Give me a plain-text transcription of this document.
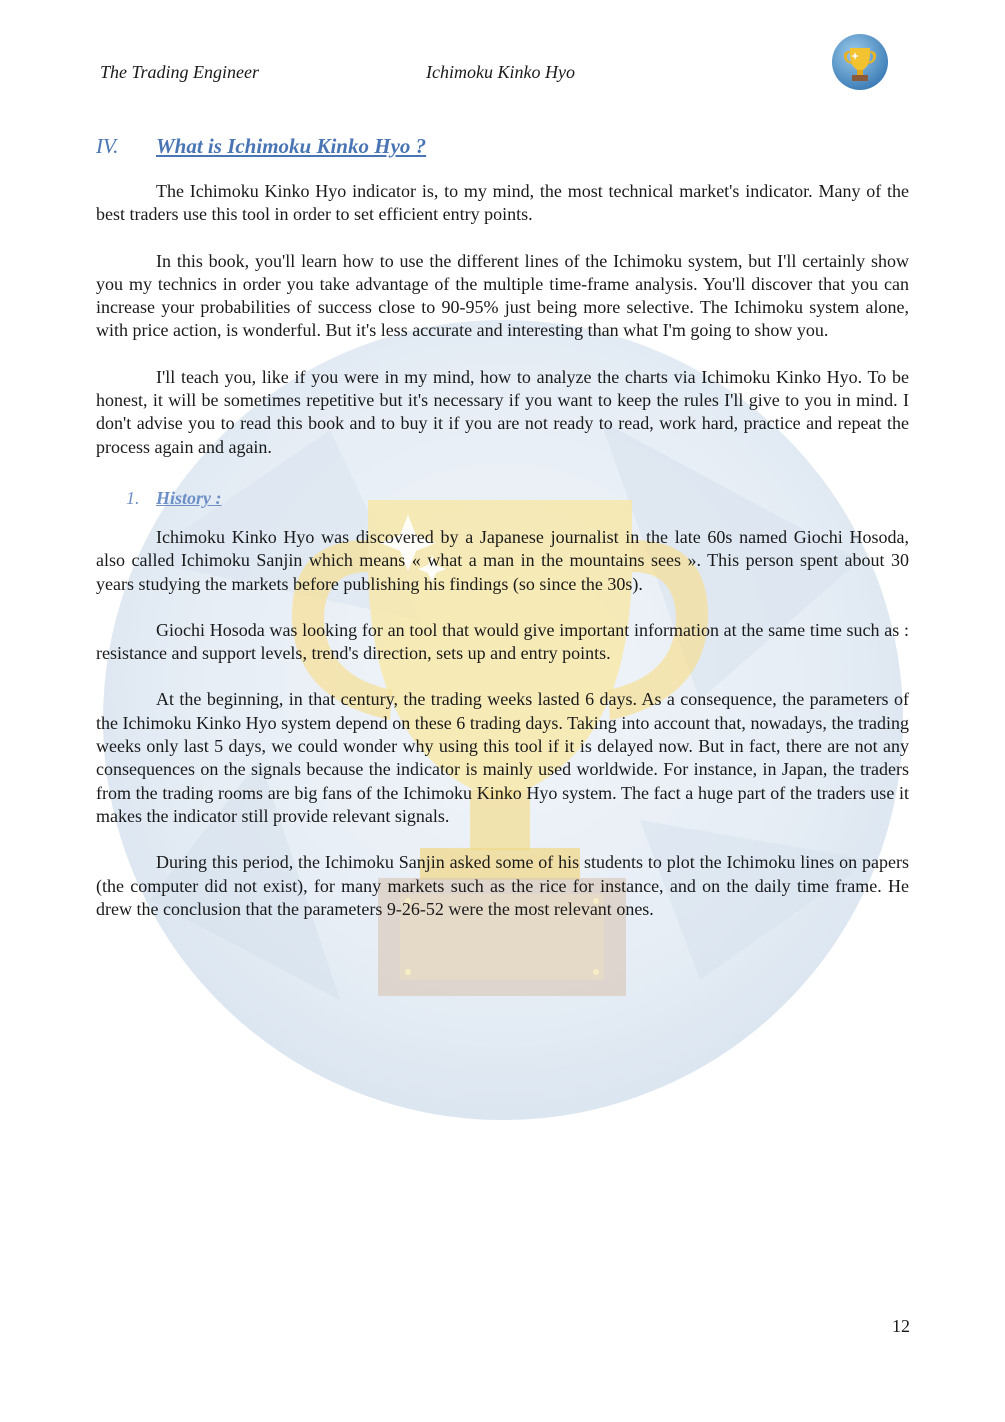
The Trading Engineer	Ichimoku Kinko Hyo
IV. What is Ichimoku Kinko Hyo ?

The Ichimoku Kinko Hyo indicator is, to my mind, the most technical market's indicator. Many of the best traders use this tool in order to set efficient entry points.

In this book, you'll learn how to use the different lines of the Ichimoku system, but I'll certainly show you my technics in order you take advantage of the multiple time-frame analysis. You'll discover that you can increase your probabilities of success close to 90-95% just being more selective. The Ichimoku system alone, with price action, is wonderful. But it's less accurate and interesting than what I'm going to show you.

I'll teach you, like if you were in my mind, how to analyze the charts via Ichimoku Kinko Hyo. To be honest, it will be sometimes repetitive but it's necessary if you want to keep the rules I'll give to you in mind. I don't advise you to read this book and to buy it if you are not ready to read, work hard, practice and repeat the process again and again.

1. History :

Ichimoku Kinko Hyo was discovered by a Japanese journalist in the late 60s named Giochi Hosoda, also called Ichimoku Sanjin which means « what a man in the mountains sees ». This person spent about 30 years studying the markets before publishing his findings (so since the 30s).

Giochi Hosoda was looking for an tool that would give important information at the same time such as : resistance and support levels, trend's direction, sets up and entry points.

At the beginning, in that century, the trading weeks lasted 6 days. As a consequence, the parameters of the Ichimoku Kinko Hyo system depend on these 6 trading days. Taking into account that, nowadays, the trading weeks only last 5 days, we could wonder why using this tool if it is delayed now. But in fact, there are not any consequences on the signals because the indicator is mainly used worldwide. For instance, in Japan, the traders from the trading rooms are big fans of the Ichimoku Kinko Hyo system. The fact a huge part of the traders use it makes the indicator still provide relevant signals.

During this period, the Ichimoku Sanjin asked some of his students to plot the Ichimoku lines on papers (the computer did not exist), for many markets such as the rice for instance, and on the daily time frame. He drew the conclusion that the parameters 9-26-52 were the most relevant ones.

12
